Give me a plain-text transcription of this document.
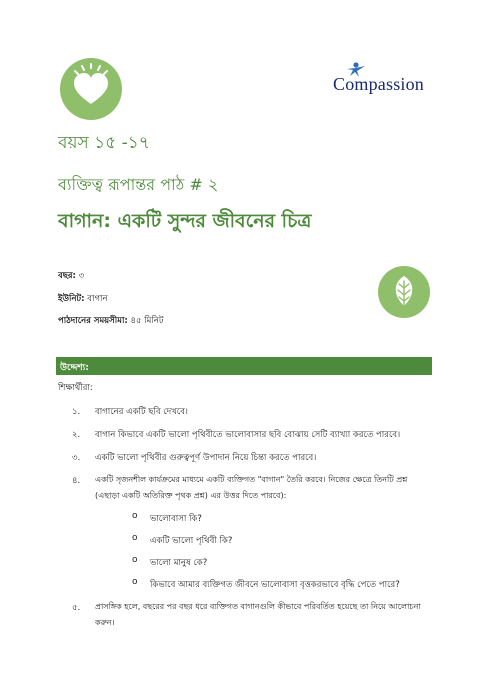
Compassion
বয়স ১৫ -১৭
ব্যক্তিত্ব রূপান্তর পাঠ # ২
বাগান: একটি সুন্দর জীবনের চিত্র
বছর: ৩
ইউনিট: বাগান
পাঠদানের সময়সীমা: ৪৫ মিনিট
উদ্দেশ্য:
শিক্ষার্থীরা:
১. বাগানের একটি ছবি দেখবে।
২. বাগান কিভাবে একটি ভালো পৃথিবীতে ভালোবাসার ছবি বোঝায় সেটি ব্যাখ্যা করতে পারবে।
৩. একটি ভালো পৃথিবীর গুরুত্বপূর্ণ উপাদান নিয়ে চিন্তা করতে পারবে।
৪. একটি সৃজনশীল কার্যক্রমের মাধ্যমে একটি ব্যক্তিগত "বাগান" তৈরি করবে। নিজের ক্ষেত্রে তিনটি প্রশ্ন
(এছাড়া একটি অতিরিক্ত পৃথক প্রশ্ন) এর উত্তর দিতে পারবে):
o ভালোবাসা কি?
o একটি ভালো পৃথিবী কি?
o ভালো মানুষ কে?
o কিভাবে আমার ব্যক্তিগত জীবনে ভালোবাসা বৃত্তকরভাবে বৃদ্ধি পেতে পারে?
৫. প্রাসঙ্গিক হলে, বছরের পর বছর ধরে ব্যক্তিগত বাগানগুলি কীভাবে পরিবর্তিত হয়েছে তা নিয়ে আলোচনা
করুন।
